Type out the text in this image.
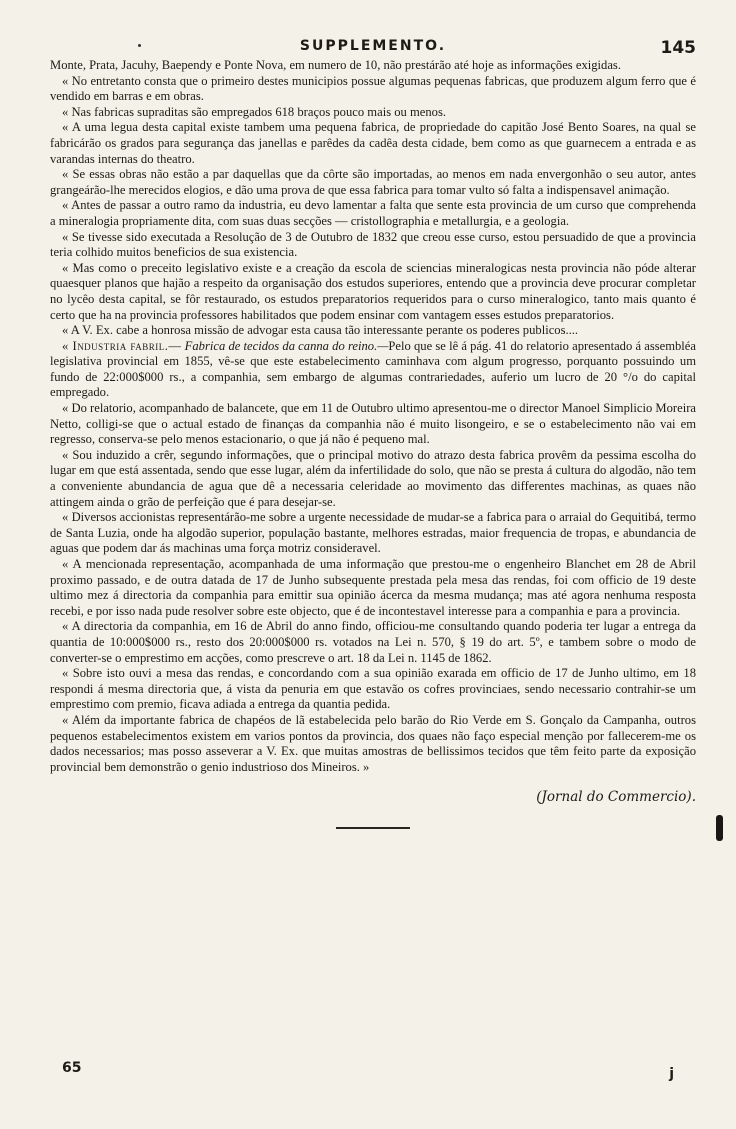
SUPPLEMENTO.	145

Monte, Prata, Jacuhy, Baependy e Ponte Nova, em numero de 10, não prestárão até hoje as informações exigidas.

« No entretanto consta que o primeiro destes municipios possue algumas pequenas fabricas, que produzem algum ferro que é vendido em barras e em obras.

« Nas fabricas supraditas são empregados 618 braços pouco mais ou menos.

« A uma legua desta capital existe tambem uma pequena fabrica, de propriedade do capitão José Bento Soares, na qual se fabricárão os grados para segurança das janellas e parêdes da cadêa desta cidade, bem como as que guarnecem a entrada e as varandas internas do theatro.

« Se essas obras não estão a par daquellas que da côrte são importadas, ao menos em nada envergonhão o seu autor, antes grangeárão-lhe merecidos elogios, e dão uma prova de que essa fabrica para tomar vulto só falta a indispensavel animação.

« Antes de passar a outro ramo da industria, eu devo lamentar a falta que sente esta provincia de um curso que comprehenda a mineralogia propriamente dita, com suas duas secções — cristollographia e metallurgia, e a geologia.

« Se tivesse sido executada a Resolução de 3 de Outubro de 1832 que creou esse curso, estou persuadido de que a provincia teria colhido muitos beneficios de sua existencia.

« Mas como o preceito legislativo existe e a creação da escola de sciencias mineralogicas nesta provincia não póde alterar quaesquer planos que hajão a respeito da organisação dos estudos superiores, entendo que a provincia deve procurar completar no lycêo desta capital, se fôr restaurado, os estudos preparatorios requeridos para o curso mineralogico, tanto mais quanto é certo que ha na provincia professores habilitados que podem ensinar com vantagem esses estudos preparatorios.

« A V. Ex. cabe a honrosa missão de advogar esta causa tão interessante perante os poderes publicos....

« Industria fabril.— Fabrica de tecidos da canna do reino.—Pelo que se lê á pág. 41 do relatorio apresentado á assembléa legislativa provincial em 1855, vê-se que este estabelecimento caminhava com algum progresso, porquanto possuindo um fundo de 22:000$000 rs., a companhia, sem embargo de algumas contrariedades, auferio um lucro de 20 °/o do capital empregado.

« Do relatorio, acompanhado de balancete, que em 11 de Outubro ultimo apresentou-me o director Manoel Simplicio Moreira Netto, colligi-se que o actual estado de finanças da companhia não é muito lisongeiro, e se o estabelecimento não vai em regresso, conserva-se pelo menos estacionario, o que já não é pequeno mal.

« Sou induzido a crêr, segundo informações, que o principal motivo do atrazo desta fabrica provêm da pessima escolha do lugar em que está assentada, sendo que esse lugar, além da infertilidade do solo, que não se presta á cultura do algodão, não tem a conveniente abundancia de agua que dê a necessaria celeridade ao movimento das differentes machinas, as quaes não attingem ainda o grão de perfeição que é para desejar-se.

« Diversos accionistas representárão-me sobre a urgente necessidade de mudar-se a fabrica para o arraial do Gequitibá, termo de Santa Luzia, onde ha algodão superior, população bastante, melhores estradas, maior frequencia de tropas, e abundancia de aguas que podem dar ás machinas uma força motriz consideravel.

« A mencionada representação, acompanhada de uma informação que prestou-me o engenheiro Blanchet em 28 de Abril proximo passado, e de outra datada de 17 de Junho subsequente prestada pela mesa das rendas, foi com officio de 19 deste ultimo mez á directoria da companhia para emittir sua opinião ácerca da mesma mudança; mas até agora nenhuma resposta recebi, e por isso nada pude resolver sobre este objecto, que é de incontestavel interesse para a companhia e para a provincia.

« A directoria da companhia, em 16 de Abril do anno findo, officiou-me consultando quando poderia ter lugar a entrega da quantia de 10:000$000 rs., resto dos 20:000$000 rs. votados na Lei n. 570, § 19 do art. 5º, e tambem sobre o modo de converter-se o emprestimo em acções, como prescreve o art. 18 da Lei n. 1145 de 1862.

« Sobre isto ouvi a mesa das rendas, e concordando com a sua opinião exarada em officio de 17 de Junho ultimo, em 18 respondi á mesma directoria que, á vista da penuria em que estavão os cofres provinciaes, sendo necessario contrahir-se um emprestimo com premio, ficava adiada a entrega da quantia pedida.

« Além da importante fabrica de chapéos de lã estabelecida pelo barão do Rio Verde em S. Gonçalo da Campanha, outros pequenos estabelecimentos existem em varios pontos da provincia, dos quaes não faço especial menção por fallecerem-me os dados necessarios; mas posso asseverar a V. Ex. que muitas amostras de bellissimos tecidos que têm feito parte da exposição provincial bem demonstrão o genio industrioso dos Mineiros. »

(Jornal do Commercio).
65	j
